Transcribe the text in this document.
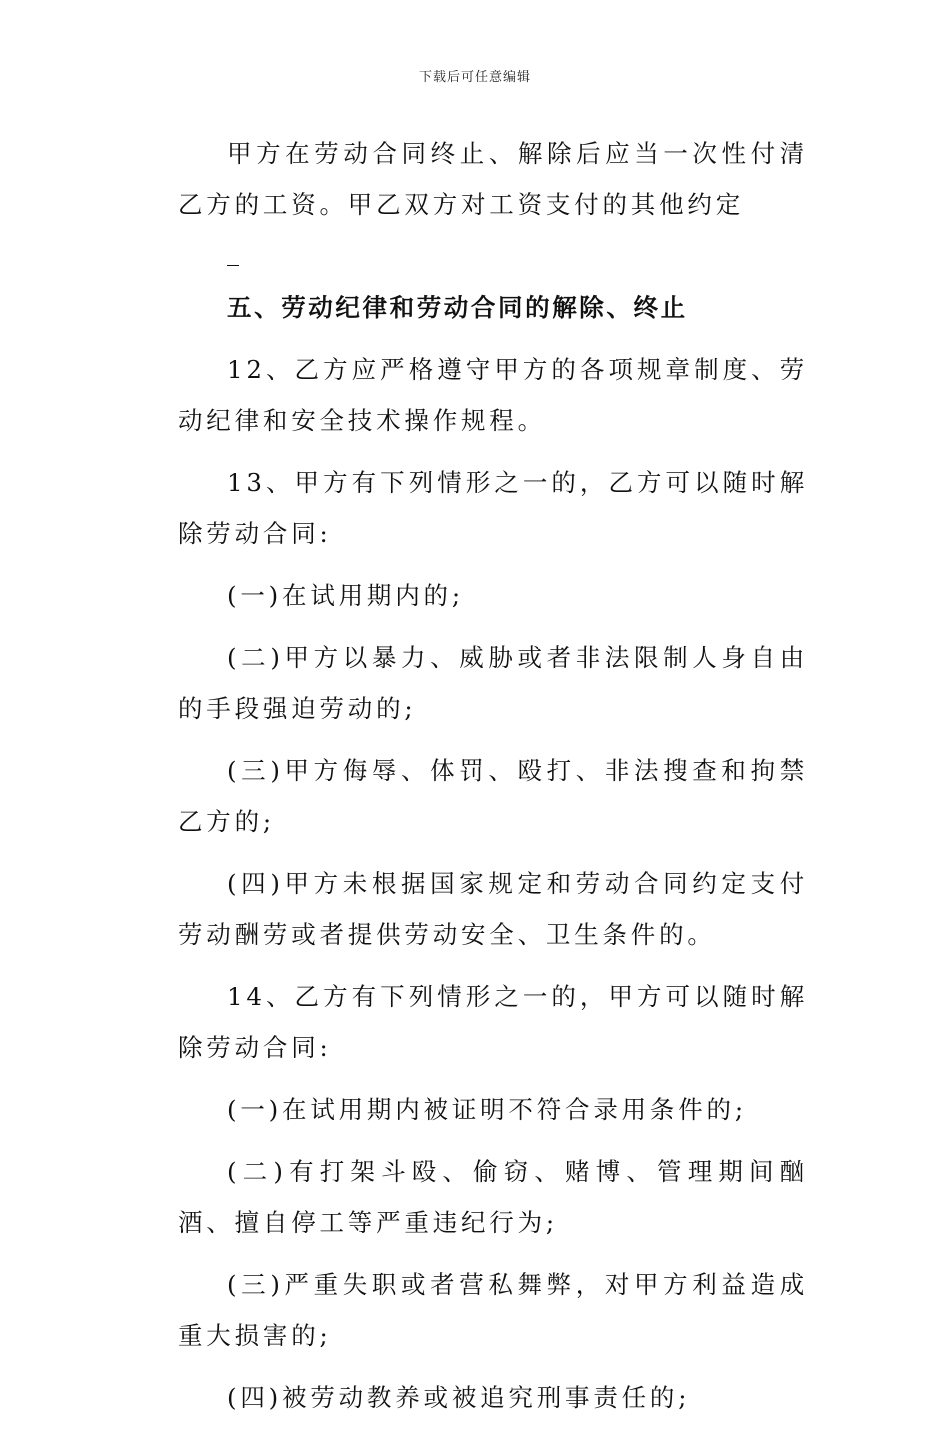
下载后可任意编辑

甲方在劳动合同终止、解除后应当一次性付清乙方的工资。甲乙双方对工资支付的其他约定

五、劳动纪律和劳动合同的解除、终止

12、乙方应严格遵守甲方的各项规章制度、劳动纪律和安全技术操作规程。

13、甲方有下列情形之一的，乙方可以随时解除劳动合同:

(一)在试用期内的;

(二)甲方以暴力、威胁或者非法限制人身自由的手段强迫劳动的;

(三)甲方侮辱、体罚、殴打、非法搜查和拘禁乙方的;

(四)甲方未根据国家规定和劳动合同约定支付劳动酬劳或者提供劳动安全、卫生条件的。

14、乙方有下列情形之一的，甲方可以随时解除劳动合同:

(一)在试用期内被证明不符合录用条件的;

(二)有打架斗殴、偷窃、赌博、管理期间酗酒、擅自停工等严重违纪行为;

(三)严重失职或者营私舞弊，对甲方利益造成重大损害的;

(四)被劳动教养或被追究刑事责任的;
